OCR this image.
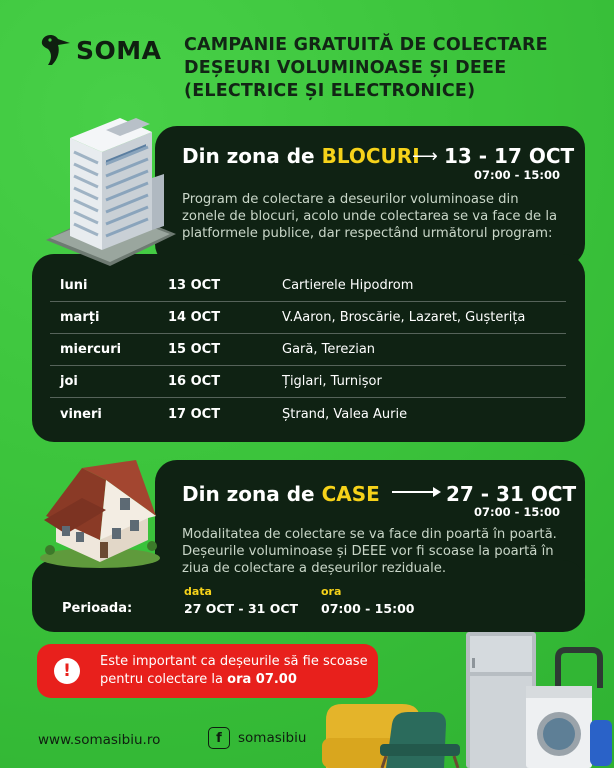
SOMA CAMPANIE GRATUITĂ DE COLECTARE
DEȘEURI VOLUMINOASE ȘI DEEE
(ELECTRICE ȘI ELECTRONICE)
Din zona de BLOCURI
⟶ 13 - 17 OCT
07:00 - 15:00
Program de colectare a deseurilor voluminoase din zonele de blocuri, acolo unde colectarea se va face de la platformele publice, dar respectând următorul program:
luni	13 OCT	Cartierele Hipodrom
marți	14 OCT	V.Aaron, Broscărie, Lazaret, Gușterița
miercuri	15 OCT	Gară, Terezian
joi	16 OCT	Țiglari, Turnișor
vineri	17 OCT	Ștrand, Valea Aurie
Din zona de CASE	27 - 31 OCT
07:00 - 15:00
Modalitatea de colectare se va face din poartă în poartă. Deșeurile voluminoase și DEEE vor fi scoase la poartă în ziua de colectare a deșeurilor reziduale.
Perioada:
data
27 OCT - 31 OCT
ora
07:00 - 15:00
!	Este important ca deșeurile să fie scoase pentru colectare la ora 07.00
www.somasibiu.ro	f	somasibiu
